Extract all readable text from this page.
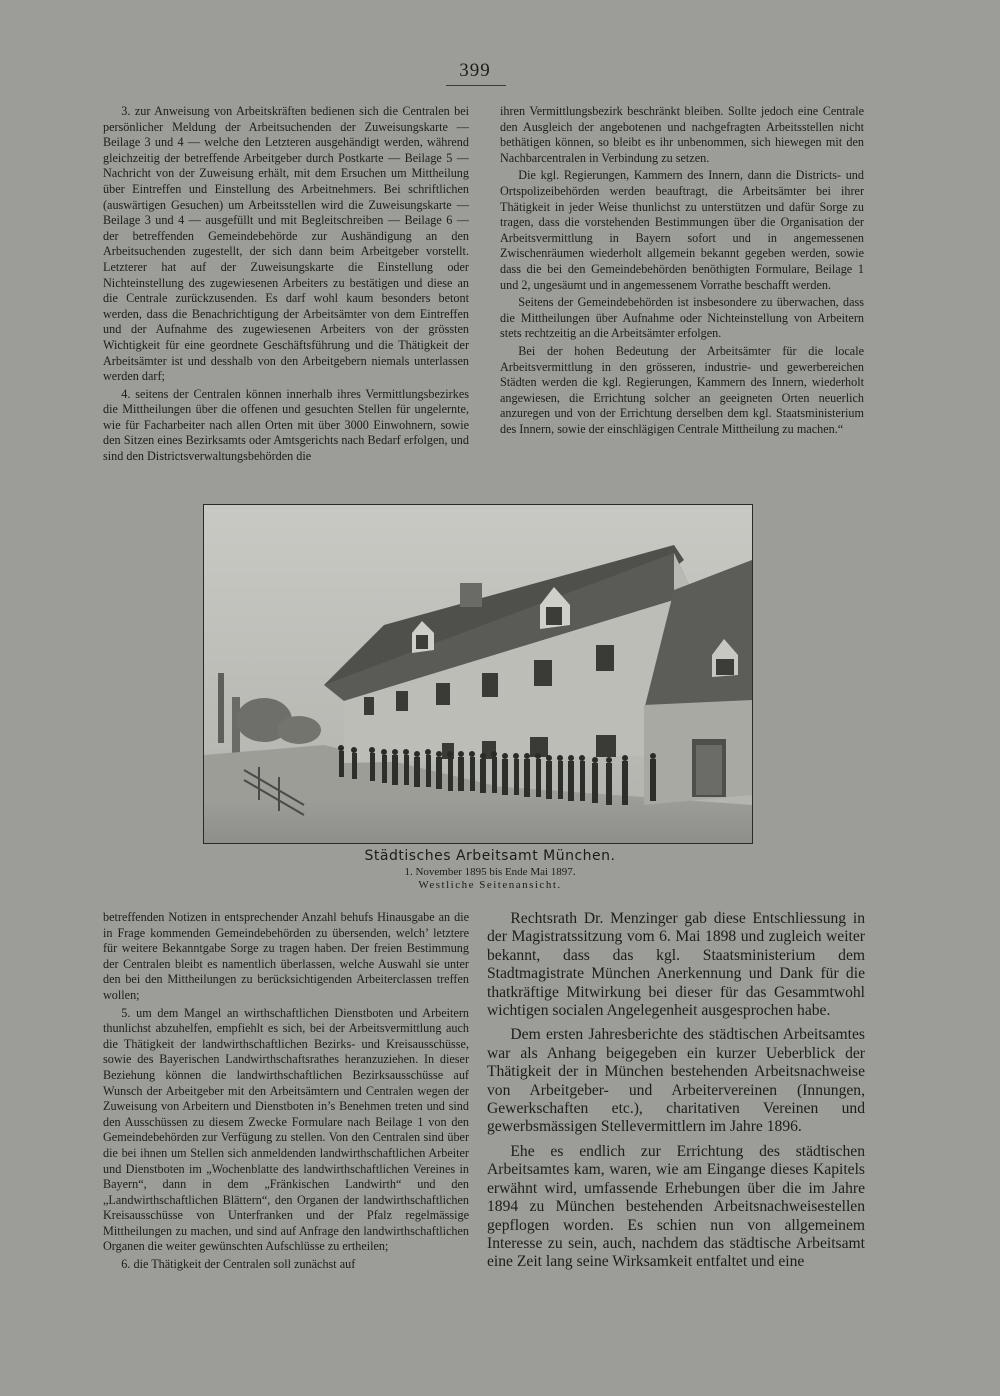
399

3. zur Anweisung von Arbeitskräften bedienen sich die Centralen bei persönlicher Meldung der Arbeitsuchenden der Zuweisungskarte — Beilage 3 und 4 — welche den Letzteren ausgehändigt werden, während gleichzeitig der betreffende Arbeitgeber durch Postkarte — Beilage 5 — Nachricht von der Zuweisung erhält, mit dem Ersuchen um Mittheilung über Eintreffen und Einstellung des Arbeitnehmers. Bei schriftlichen (auswärtigen Gesuchen) um Arbeitsstellen wird die Zuweisungskarte — Beilage 3 und 4 — ausgefüllt und mit Begleitschreiben — Beilage 6 — der betreffenden Gemeindebehörde zur Aushändigung an den Arbeitsuchenden zugestellt, der sich dann beim Arbeitgeber vorstellt. Letzterer hat auf der Zuweisungskarte die Einstellung oder Nichteinstellung des zugewiesenen Arbeiters zu bestätigen und diese an die Centrale zurückzusenden. Es darf wohl kaum besonders betont werden, dass die Benachrichtigung der Arbeitsämter von dem Eintreffen und der Aufnahme des zugewiesenen Arbeiters von der grössten Wichtigkeit für eine geordnete Geschäftsführung und die Thätigkeit der Arbeitsämter ist und desshalb von den Arbeitgebern niemals unterlassen werden darf;

4. seitens der Centralen können innerhalb ihres Vermittlungsbezirkes die Mittheilungen über die offenen und gesuchten Stellen für ungelernte, wie für Facharbeiter nach allen Orten mit über 3000 Einwohnern, sowie den Sitzen eines Bezirksamts oder Amtsgerichts nach Bedarf erfolgen, und sind den Districtsverwaltungsbehörden die

ihren Vermittlungsbezirk beschränkt bleiben. Sollte jedoch eine Centrale den Ausgleich der angebotenen und nachgefragten Arbeitsstellen nicht bethätigen können, so bleibt es ihr unbenommen, sich hiewegen mit den Nachbarcentralen in Verbindung zu setzen.

Die kgl. Regierungen, Kammern des Innern, dann die Districts- und Ortspolizeibehörden werden beauftragt, die Arbeitsämter bei ihrer Thätigkeit in jeder Weise thunlichst zu unterstützen und dafür Sorge zu tragen, dass die vorstehenden Bestimmungen über die Organisation der Arbeitsvermittlung in Bayern sofort und in angemessenen Zwischenräumen wiederholt allgemein bekannt gegeben werden, sowie dass die bei den Gemeindebehörden benöthigten Formulare, Beilage 1 und 2, ungesäumt und in angemessenem Vorrathe beschafft werden.

Seitens der Gemeindebehörden ist insbesondere zu überwachen, dass die Mittheilungen über Aufnahme oder Nichteinstellung von Arbeitern stets rechtzeitig an die Arbeitsämter erfolgen.

Bei der hohen Bedeutung der Arbeitsämter für die locale Arbeitsvermittlung in den grösseren, industrie- und gewerbereichen Städten werden die kgl. Regierungen, Kammern des Innern, wiederholt angewiesen, die Errichtung solcher an geeigneten Orten neuerlich anzuregen und von der Errichtung derselben dem kgl. Staatsministerium des Innern, sowie der einschlägigen Centrale Mittheilung zu machen.“

Städtisches Arbeitsamt München.
1. November 1895 bis Ende Mai 1897.
Westliche Seitenansicht.

betreffenden Notizen in entsprechender Anzahl behufs Hinausgabe an die in Frage kommenden Gemeindebehörden zu übersenden, welch’ letztere für weitere Bekanntgabe Sorge zu tragen haben. Der freien Bestimmung der Centralen bleibt es namentlich überlassen, welche Auswahl sie unter den bei den Mittheilungen zu berücksichtigenden Arbeiterclassen treffen wollen;

5. um dem Mangel an wirthschaftlichen Dienstboten und Arbeitern thunlichst abzuhelfen, empfiehlt es sich, bei der Arbeitsvermittlung auch die Thätigkeit der landwirthschaftlichen Bezirks- und Kreisausschüsse, sowie des Bayerischen Landwirthschaftsrathes heranzuziehen. In dieser Beziehung können die landwirthschaftlichen Bezirksausschüsse auf Wunsch der Arbeitgeber mit den Arbeitsämtern und Centralen wegen der Zuweisung von Arbeitern und Dienstboten in’s Benehmen treten und sind den Ausschüssen zu diesem Zwecke Formulare nach Beilage 1 von den Gemeindebehörden zur Verfügung zu stellen. Von den Centralen sind über die bei ihnen um Stellen sich anmeldenden landwirthschaftlichen Arbeiter und Dienstboten im „Wochenblatte des landwirthschaftlichen Vereines in Bayern“, dann in dem „Fränkischen Landwirth“ und den „Landwirthschaftlichen Blättern“, den Organen der landwirthschaftlichen Kreisausschüsse von Unterfranken und der Pfalz regelmässige Mittheilungen zu machen, und sind auf Anfrage den landwirthschaftlichen Organen die weiter gewünschten Aufschlüsse zu ertheilen;

6. die Thätigkeit der Centralen soll zunächst auf

Rechtsrath Dr. Menzinger gab diese Entschliessung in der Magistratssitzung vom 6. Mai 1898 und zugleich weiter bekannt, dass das kgl. Staatsministerium dem Stadtmagistrate München Anerkennung und Dank für die thatkräftige Mitwirkung bei dieser für das Gesammtwohl wichtigen socialen Angelegenheit ausgesprochen habe.

Dem ersten Jahresberichte des städtischen Arbeitsamtes war als Anhang beigegeben ein kurzer Ueberblick der Thätigkeit der in München bestehenden Arbeitsnachweise von Arbeitgeber- und Arbeitervereinen (Innungen, Gewerkschaften etc.), charitativen Vereinen und gewerbsmässigen Stellevermittlern im Jahre 1896.

Ehe es endlich zur Errichtung des städtischen Arbeitsamtes kam, waren, wie am Eingange dieses Kapitels erwähnt wird, umfassende Erhebungen über die im Jahre 1894 zu München bestehenden Arbeitsnachweisestellen gepflogen worden. Es schien nun von allgemeinem Interesse zu sein, auch, nachdem das städtische Arbeitsamt eine Zeit lang seine Wirksamkeit entfaltet und eine
